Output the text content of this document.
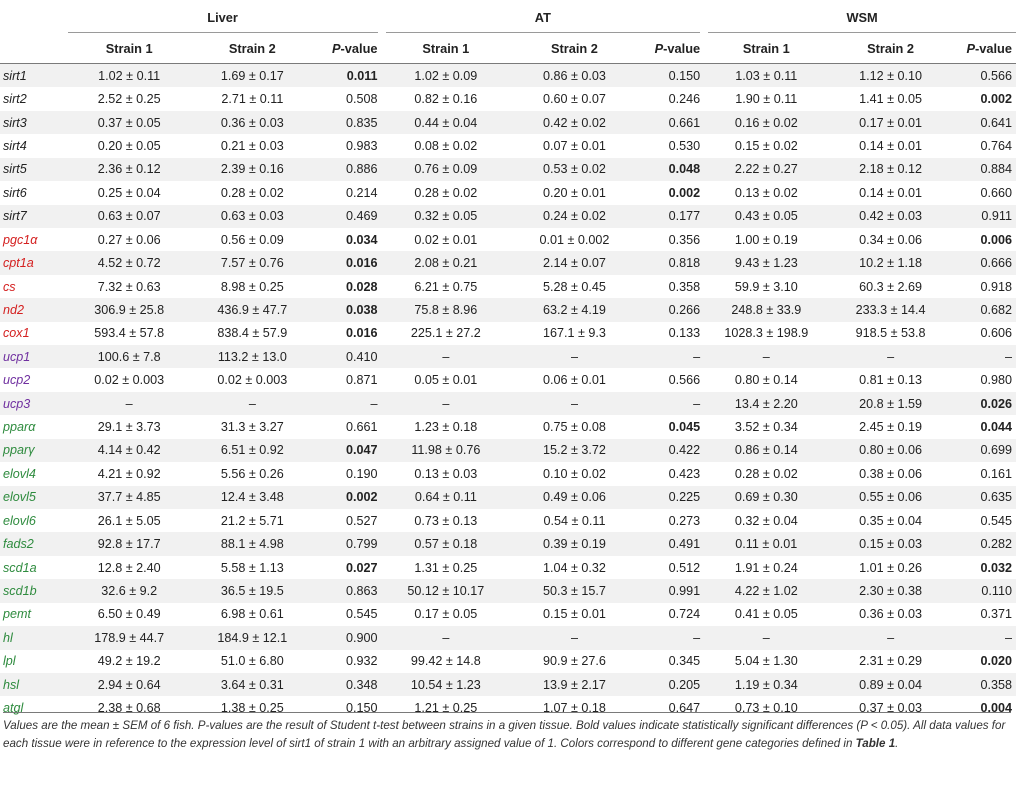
	Liver			AT			WSM		
	Strain 1	Strain 2	P-value	Strain 1	Strain 2	P-value	Strain 1	Strain 2	P-value
sirt1	1.02 ± 0.11	1.69 ± 0.17	0.011	1.02 ± 0.09	0.86 ± 0.03	0.150	1.03 ± 0.11	1.12 ± 0.10	0.566
sirt2	2.52 ± 0.25	2.71 ± 0.11	0.508	0.82 ± 0.16	0.60 ± 0.07	0.246	1.90 ± 0.11	1.41 ± 0.05	0.002
sirt3	0.37 ± 0.05	0.36 ± 0.03	0.835	0.44 ± 0.04	0.42 ± 0.02	0.661	0.16 ± 0.02	0.17 ± 0.01	0.641
sirt4	0.20 ± 0.05	0.21 ± 0.03	0.983	0.08 ± 0.02	0.07 ± 0.01	0.530	0.15 ± 0.02	0.14 ± 0.01	0.764
sirt5	2.36 ± 0.12	2.39 ± 0.16	0.886	0.76 ± 0.09	0.53 ± 0.02	0.048	2.22 ± 0.27	2.18 ± 0.12	0.884
sirt6	0.25 ± 0.04	0.28 ± 0.02	0.214	0.28 ± 0.02	0.20 ± 0.01	0.002	0.13 ± 0.02	0.14 ± 0.01	0.660
sirt7	0.63 ± 0.07	0.63 ± 0.03	0.469	0.32 ± 0.05	0.24 ± 0.02	0.177	0.43 ± 0.05	0.42 ± 0.03	0.911
pgc1α	0.27 ± 0.06	0.56 ± 0.09	0.034	0.02 ± 0.01	0.01 ± 0.002	0.356	1.00 ± 0.19	0.34 ± 0.06	0.006
cpt1a	4.52 ± 0.72	7.57 ± 0.76	0.016	2.08 ± 0.21	2.14 ± 0.07	0.818	9.43 ± 1.23	10.2 ± 1.18	0.666
cs	7.32 ± 0.63	8.98 ± 0.25	0.028	6.21 ± 0.75	5.28 ± 0.45	0.358	59.9 ± 3.10	60.3 ± 2.69	0.918
nd2	306.9 ± 25.8	436.9 ± 47.7	0.038	75.8 ± 8.96	63.2 ± 4.19	0.266	248.8 ± 33.9	233.3 ± 14.4	0.682
cox1	593.4 ± 57.8	838.4 ± 57.9	0.016	225.1 ± 27.2	167.1 ± 9.3	0.133	1028.3 ± 198.9	918.5 ± 53.8	0.606
ucp1	100.6 ± 7.8	113.2 ± 13.0	0.410	–	–	–	–	–	–
ucp2	0.02 ± 0.003	0.02 ± 0.003	0.871	0.05 ± 0.01	0.06 ± 0.01	0.566	0.80 ± 0.14	0.81 ± 0.13	0.980
ucp3	–	–	–	–	–	–	13.4 ± 2.20	20.8 ± 1.59	0.026
pparα	29.1 ± 3.73	31.3 ± 3.27	0.661	1.23 ± 0.18	0.75 ± 0.08	0.045	3.52 ± 0.34	2.45 ± 0.19	0.044
pparγ	4.14 ± 0.42	6.51 ± 0.92	0.047	11.98 ± 0.76	15.2 ± 3.72	0.422	0.86 ± 0.14	0.80 ± 0.06	0.699
elovl4	4.21 ± 0.92	5.56 ± 0.26	0.190	0.13 ± 0.03	0.10 ± 0.02	0.423	0.28 ± 0.02	0.38 ± 0.06	0.161
elovl5	37.7 ± 4.85	12.4 ± 3.48	0.002	0.64 ± 0.11	0.49 ± 0.06	0.225	0.69 ± 0.30	0.55 ± 0.06	0.635
elovl6	26.1 ± 5.05	21.2 ± 5.71	0.527	0.73 ± 0.13	0.54 ± 0.11	0.273	0.32 ± 0.04	0.35 ± 0.04	0.545
fads2	92.8 ± 17.7	88.1 ± 4.98	0.799	0.57 ± 0.18	0.39 ± 0.19	0.491	0.11 ± 0.01	0.15 ± 0.03	0.282
scd1a	12.8 ± 2.40	5.58 ± 1.13	0.027	1.31 ± 0.25	1.04 ± 0.32	0.512	1.91 ± 0.24	1.01 ± 0.26	0.032
scd1b	32.6 ± 9.2	36.5 ± 19.5	0.863	50.12 ± 10.17	50.3 ± 15.7	0.991	4.22 ± 1.02	2.30 ± 0.38	0.110
pemt	6.50 ± 0.49	6.98 ± 0.61	0.545	0.17 ± 0.05	0.15 ± 0.01	0.724	0.41 ± 0.05	0.36 ± 0.03	0.371
hl	178.9 ± 44.7	184.9 ± 12.1	0.900	–	–	–	–	–	–
lpl	49.2 ± 19.2	51.0 ± 6.80	0.932	99.42 ± 14.8	90.9 ± 27.6	0.345	5.04 ± 1.30	2.31 ± 0.29	0.020
hsl	2.94 ± 0.64	3.64 ± 0.31	0.348	10.54 ± 1.23	13.9 ± 2.17	0.205	1.19 ± 0.34	0.89 ± 0.04	0.358
atgl	2.38 ± 0.68	1.38 ± 0.25	0.150	1.21 ± 0.25	1.07 ± 0.18	0.647	0.73 ± 0.10	0.37 ± 0.03	0.004
Values are the mean ± SEM of 6 fish. P-values are the result of Student t-test between strains in a given tissue. Bold values indicate statistically significant differences (P < 0.05). All data values for each tissue were in reference to the expression level of sirt1 of strain 1 with an arbitrary assigned value of 1. Colors correspond to different gene categories defined in Table 1.
